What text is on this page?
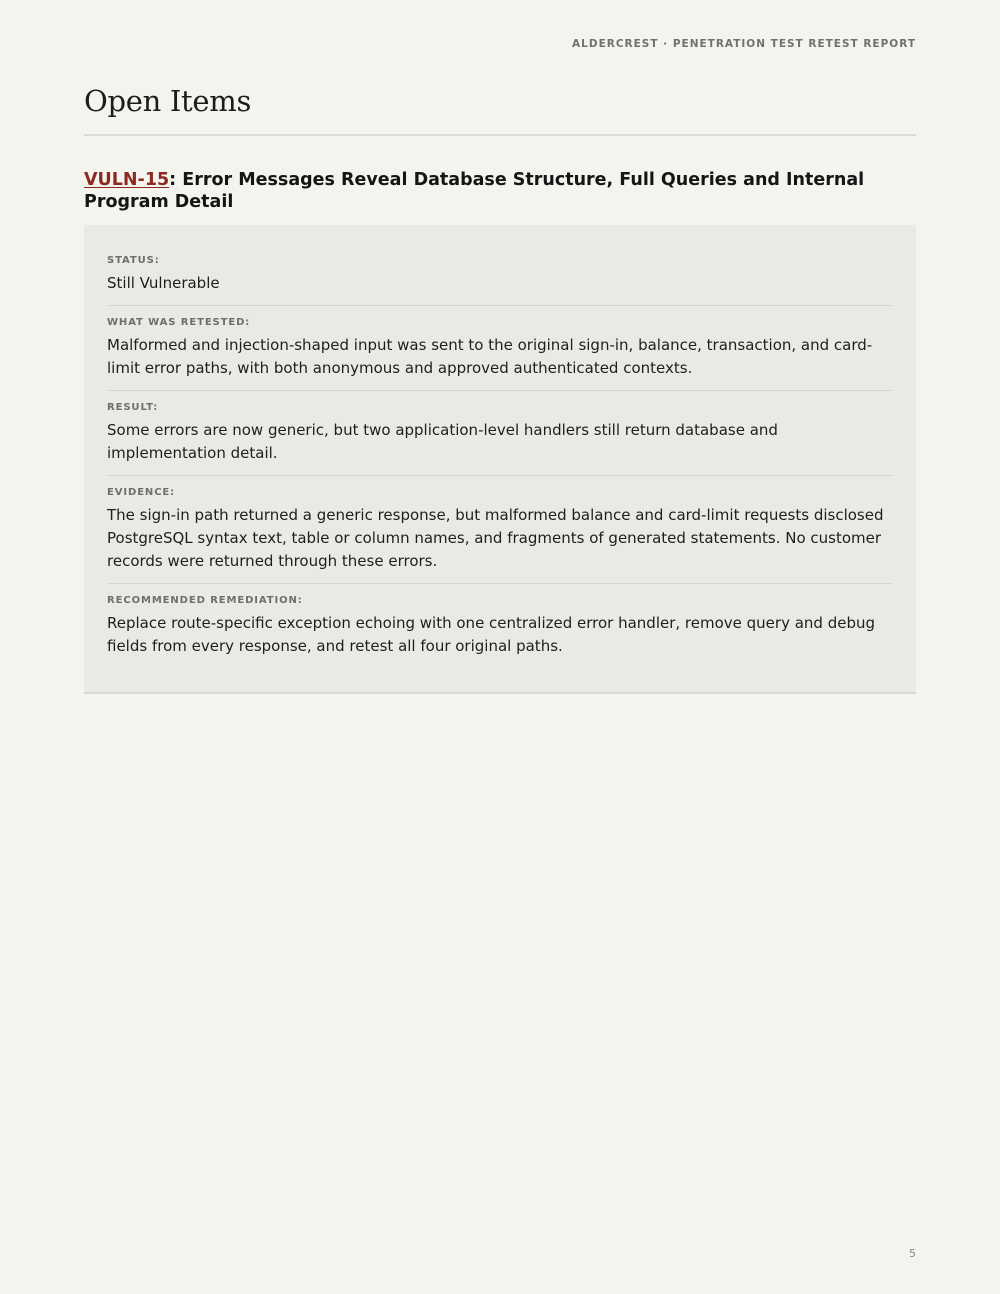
ALDERCREST · PENETRATION TEST RETEST REPORT
Open Items
VULN-15: Error Messages Reveal Database Structure, Full Queries and Internal Program Detail
STATUS:
Still Vulnerable
WHAT WAS RETESTED:
Malformed and injection-shaped input was sent to the original sign-in, balance, transaction, and card-limit error paths, with both anonymous and approved authenticated contexts.
RESULT:
Some errors are now generic, but two application-level handlers still return database and implementation detail.
EVIDENCE:
The sign-in path returned a generic response, but malformed balance and card-limit requests disclosed PostgreSQL syntax text, table or column names, and fragments of generated statements. No customer records were returned through these errors.
RECOMMENDED REMEDIATION:
Replace route-specific exception echoing with one centralized error handler, remove query and debug fields from every response, and retest all four original paths.
5
